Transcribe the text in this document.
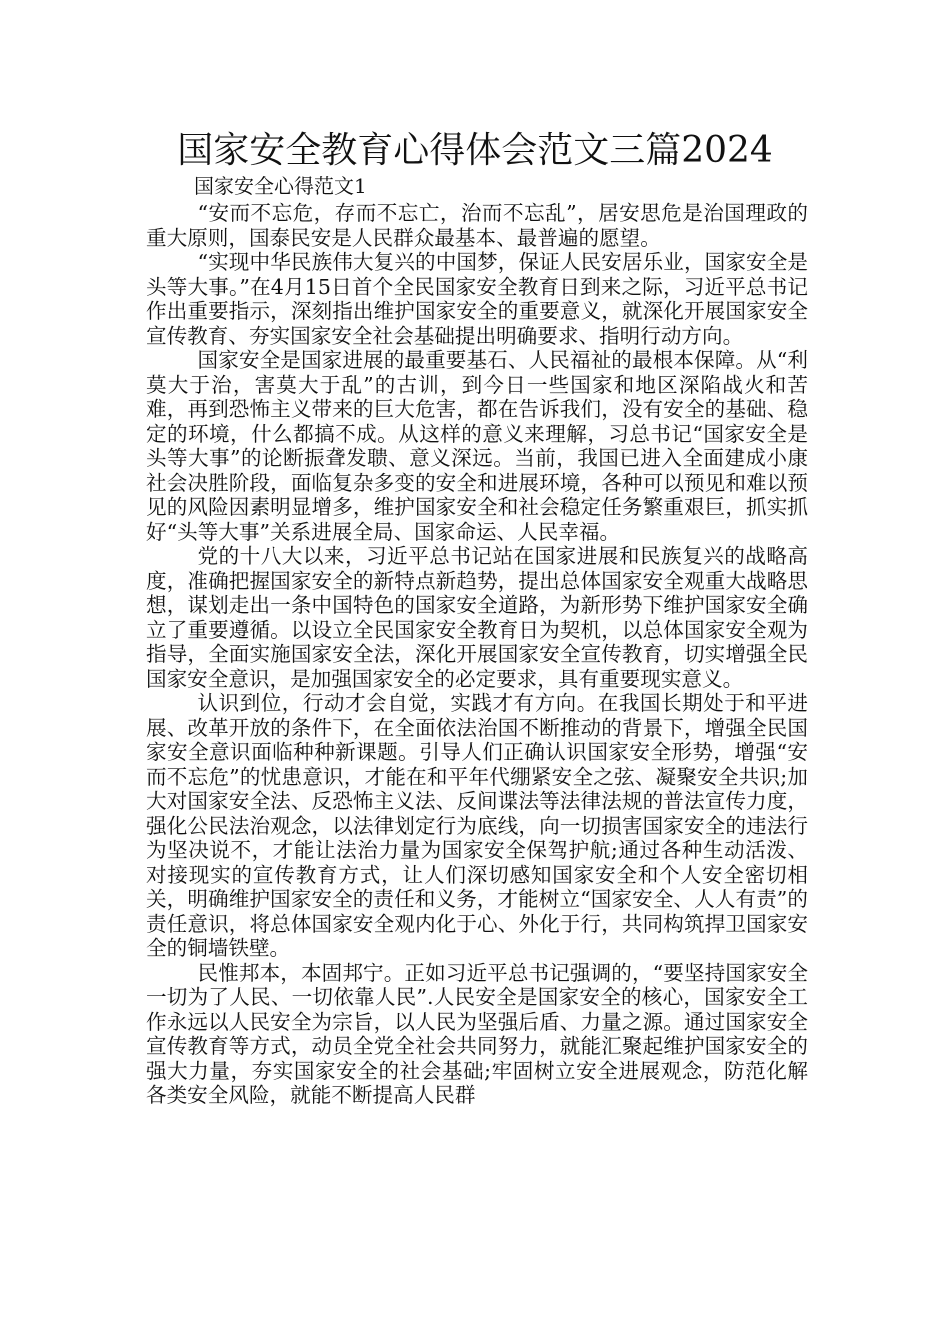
国家安全教育心得体会范文三篇2024

国家安全心得范文1

“安而不忘危，存而不忘亡，治而不忘乱”，居安思危是治国理政的重大原则，国泰民安是人民群众最基本、最普遍的愿望。

“实现中华民族伟大复兴的中国梦，保证人民安居乐业，国家安全是头等大事。”在4月15日首个全民国家安全教育日到来之际，习近平总书记作出重要指示，深刻指出维护国家安全的重要意义，就深化开展国家安全宣传教育、夯实国家安全社会基础提出明确要求、指明行动方向。

国家安全是国家进展的最重要基石、人民福祉的最根本保障。从“利莫大于治，害莫大于乱”的古训，到今日一些国家和地区深陷战火和苦难，再到恐怖主义带来的巨大危害，都在告诉我们，没有安全的基础、稳定的环境，什么都搞不成。从这样的意义来理解，习总书记“国家安全是头等大事”的论断振聋发聩、意义深远。当前，我国已进入全面建成小康社会决胜阶段，面临复杂多变的安全和进展环境，各种可以预见和难以预见的风险因素明显增多，维护国家安全和社会稳定任务繁重艰巨，抓实抓好“头等大事”关系进展全局、国家命运、人民幸福。

党的十八大以来，习近平总书记站在国家进展和民族复兴的战略高度，准确把握国家安全的新特点新趋势，提出总体国家安全观重大战略思想，谋划走出一条中国特色的国家安全道路，为新形势下维护国家安全确立了重要遵循。以设立全民国家安全教育日为契机，以总体国家安全观为指导，全面实施国家安全法，深化开展国家安全宣传教育，切实增强全民国家安全意识，是加强国家安全的必定要求，具有重要现实意义。

认识到位，行动才会自觉，实践才有方向。在我国长期处于和平进展、改革开放的条件下，在全面依法治国不断推动的背景下，增强全民国家安全意识面临种种新课题。引导人们正确认识国家安全形势，增强“安而不忘危”的忧患意识，才能在和平年代绷紧安全之弦、凝聚安全共识;加大对国家安全法、反恐怖主义法、反间谍法等法律法规的普法宣传力度，强化公民法治观念，以法律划定行为底线，向一切损害国家安全的违法行为坚决说不，才能让法治力量为国家安全保驾护航;通过各种生动活泼、对接现实的宣传教育方式，让人们深切感知国家安全和个人安全密切相关，明确维护国家安全的责任和义务，才能树立“国家安全、人人有责”的责任意识，将总体国家安全观内化于心、外化于行，共同构筑捍卫国家安全的铜墙铁壁。

民惟邦本，本固邦宁。正如习近平总书记强调的，“要坚持国家安全一切为了人民、一切依靠人民”.人民安全是国家安全的核心，国家安全工作永远以人民安全为宗旨，以人民为坚强后盾、力量之源。通过国家安全宣传教育等方式，动员全党全社会共同努力，就能汇聚起维护国家安全的强大力量，夯实国家安全的社会基础;牢固树立安全进展观念，防范化解各类安全风险，就能不断提高人民群
